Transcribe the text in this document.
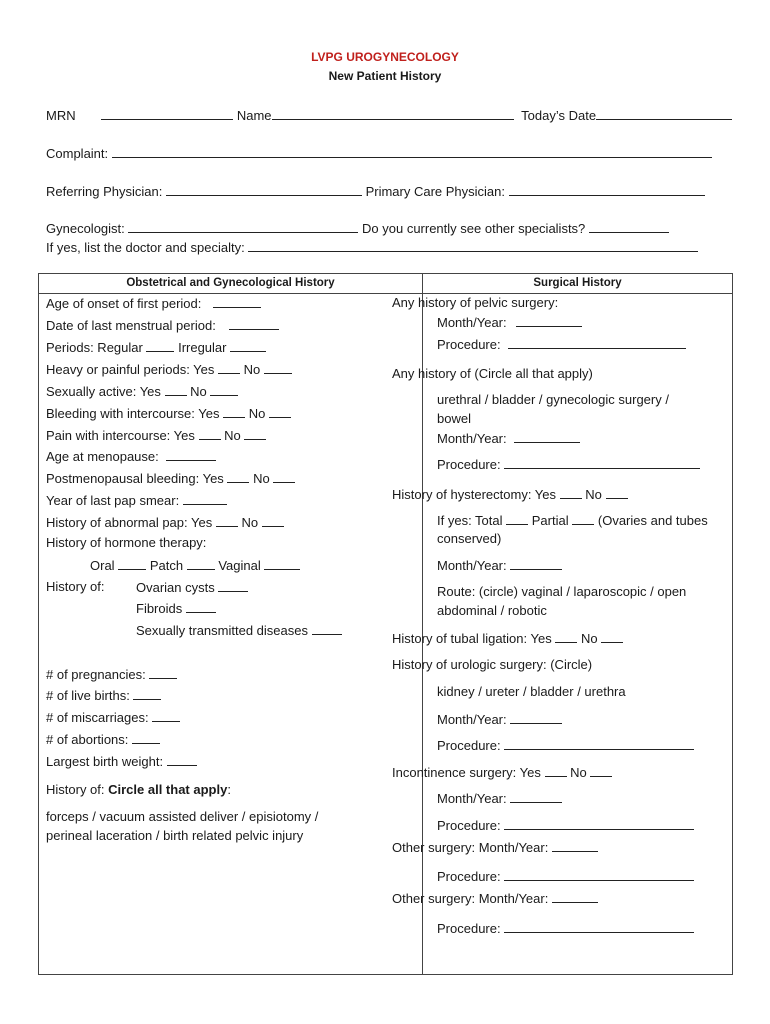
LVPG UROGYNECOLOGY
New Patient History
MRN	Name	Today’s Date
Complaint:
Referring Physician:	Primary Care Physician:
Gynecologist:	Do you currently see other specialists?
If yes, list the doctor and specialty:
Obstetrical and Gynecological History	Surgical History
Age of onset of first period:
Date of last menstrual period:
Periods: Regular	Irregular
Heavy or painful periods: Yes No
Sexually active: Yes No
Bleeding with intercourse: Yes No
Pain with intercourse: Yes No
Age at menopause:
Postmenopausal bleeding: Yes No
Year of last pap smear:
History of abnormal pap: Yes No
History of hormone therapy:
Oral	Patch	Vaginal
History of: Ovarian cysts
Fibroids
Sexually transmitted diseases
# of pregnancies:
# of live births:
# of miscarriages:
# of abortions:
Largest birth weight:
History of: Circle all that apply:
forceps / vacuum assisted deliver / episiotomy /
perineal laceration / birth related pelvic injury
Any history of pelvic surgery:
Month/Year:
Procedure:
Any history of (Circle all that apply)
urethral / bladder / gynecologic surgery /
bowel
Month/Year:
Procedure:
History of hysterectomy: Yes No
If yes: Total Partial (Ovaries and tubes
conserved)
Month/Year:
Route: (circle) vaginal / laparoscopic / open
abdominal / robotic
History of tubal ligation: Yes No
History of urologic surgery: (Circle)
kidney / ureter / bladder / urethra
Month/Year:
Procedure:
Incontinence surgery: Yes No
Month/Year:
Procedure:
Other surgery: Month/Year:
Procedure:
Other surgery: Month/Year:
Procedure:
